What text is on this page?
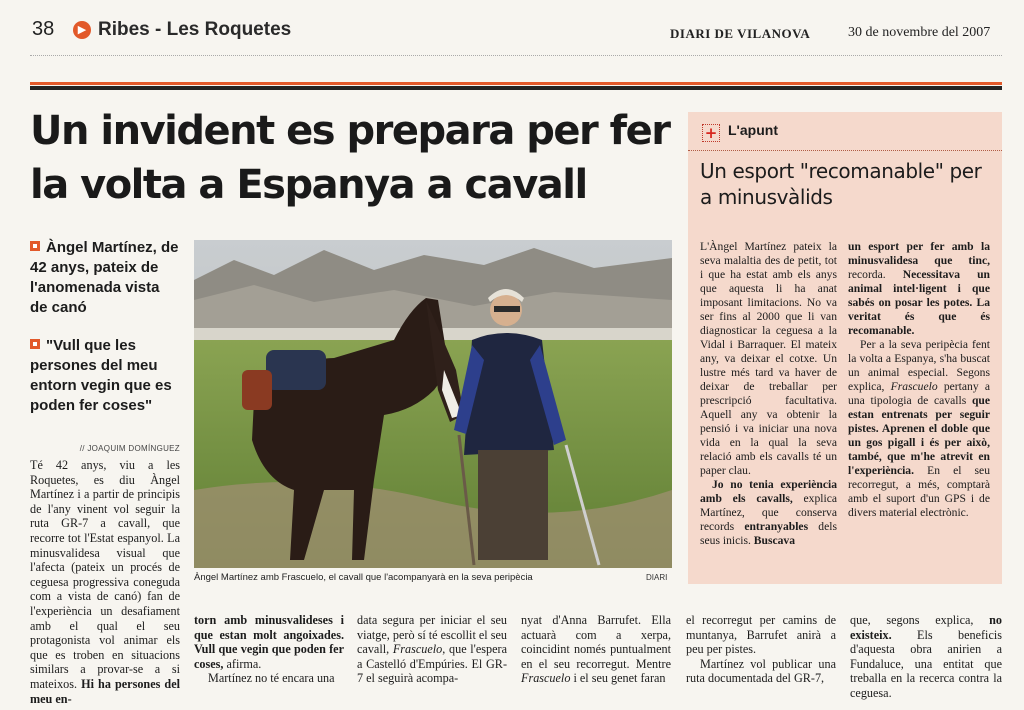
38	▶ Ribes - Les Roquetes	DIARI DE VILANOVA	30 de novembre del 2007
Un invident es prepara per fer
la volta a Espanya a cavall
Àngel Martínez, de 42 anys, pateix de l'anomenada vista de canó
"Vull que les persones del meu entorn vegin que es poden fer coses"
// JOAQUIM DOMÍNGUEZ

Té 42 anys, viu a les Roquetes, es diu Àngel Martínez i a partir de principis de l'any vinent vol seguir la ruta GR-7 a cavall, que recorre tot l'Estat espanyol. La minusvalidesa visual que l'afecta (pateix un procés de ceguesa progressiva coneguda com a vista de canó) fan de l'experiència un desafiament amb el qual el seu protagonista vol animar els que es troben en situacions similars a provar-se a si mateixos. Hi ha persones del meu en-

Àngel Martínez amb Frascuelo, el cavall que l'acompanyarà en la seva peripècia	DIARI

torn amb minusvalideses i que estan molt angoixades. Vull que vegin que poden fer coses, afirma.

Martínez no té encara una

data segura per iniciar el seu viatge, però sí té escollit el seu cavall, Frascuelo, que l'espera a Castelló d'Empúries. El GR-7 el seguirà acompa-

nyat d'Anna Barrufet. Ella actuarà com a xerpa, coincidint només puntualment en el seu recorregut. Mentre Frascuelo i el seu genet faran

el recorregut per camins de muntanya, Barrufet anirà a peu per pistes.

Martínez vol publicar una ruta documentada del GR-7,

que, segons explica, no existeix. Els beneficis d'aquesta obra anirien a Fundaluce, una entitat que treballa en la recerca contra la ceguesa.

+ L'apunt
Un esport "recomanable" per a minusvàlids

L'Àngel Martínez pateix la seva malaltia des de petit, tot i que ha estat amb els anys que aquesta li ha anat imposant limitacions. No va ser fins al 2000 que li van diagnosticar la ceguesa a la Vidal i Barraquer. El mateix any, va deixar el cotxe. Un lustre més tard va haver de deixar de treballar per prescripció facultativa. Aquell any va obtenir la pensió i va iniciar una nova vida en la qual la seva relació amb els cavalls té un paper clau.

Jo no tenia experiència amb els cavalls, explica Martínez, que conserva records entranyables dels seus inicis. Buscava

un esport per fer amb la minusvalidesa que tinc, recorda. Necessitava un animal intel·ligent i que sabés on posar les potes. La veritat és que és recomanable.

Per a la seva peripècia fent la volta a Espanya, s'ha buscat un animal especial. Segons explica, Frascuelo pertany a una tipologia de cavalls que estan entrenats per seguir pistes. Aprenen el doble que un gos pigall i és per això, també, que m'he atrevit en l'experiència. En el seu recorregut, a més, comptarà amb el suport d'un GPS i de divers material electrònic.
